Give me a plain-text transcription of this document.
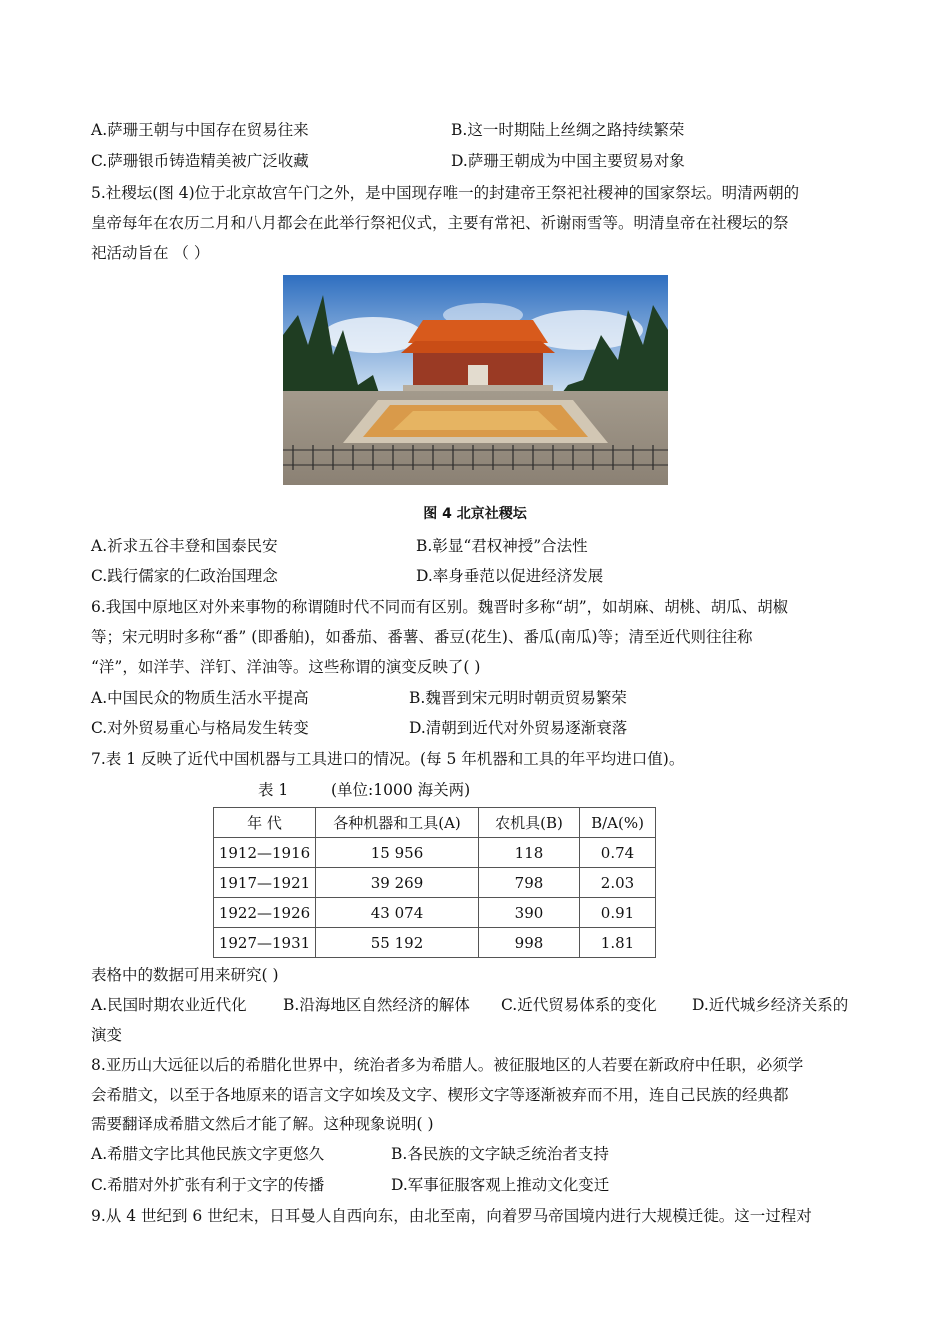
A.萨珊王朝与中国存在贸易往来	B.这一时期陆上丝绸之路持续繁荣
C.萨珊银币铸造精美被广泛收藏	D.萨珊王朝成为中国主要贸易对象
5.社稷坛(图 4)位于北京故宫午门之外，是中国现存唯一的封建帝王祭祀社稷神的国家祭坛。明清两朝的
皇帝每年在农历二月和八月都会在此举行祭祀仪式，主要有常祀、祈谢雨雪等。明清皇帝在社稷坛的祭
祀活动旨在 （ ）
图 4 北京社稷坛
A.祈求五谷丰登和国泰民安	B.彰显“君权神授”合法性
C.践行儒家的仁政治国理念	D.率身垂范以促进经济发展
6.我国中原地区对外来事物的称谓随时代不同而有区别。魏晋时多称“胡”，如胡麻、胡桃、胡瓜、胡椒
等；宋元明时多称“番” (即番舶)，如番茄、番薯、番豆(花生)、番瓜(南瓜)等；清至近代则往往称
“洋”，如洋芋、洋钉、洋油等。这些称谓的演变反映了( )
A.中国民众的物质生活水平提高	B.魏晋到宋元明时朝贡贸易繁荣
C.对外贸易重心与格局发生转变	D.清朝到近代对外贸易逐渐衰落
7.表 1 反映了近代中国机器与工具进口的情况。(每 5 年机器和工具的年平均进口值)。
表 1	(单位:1000 海关两)
年 代	各种机器和工具(A)	农机具(B)	B/A(%)
1912—1916	15 956	118	0.74
1917—1921	39 269	798	2.03
1922—1926	43 074	390	0.91
1927—1931	55 192	998	1.81
表格中的数据可用来研究( )
A.民国时期农业近代化 B.沿海地区自然经济的解体 C.近代贸易体系的变化 D.近代城乡经济关系的
演变
8.亚历山大远征以后的希腊化世界中，统治者多为希腊人。被征服地区的人若要在新政府中任职，必须学
会希腊文，以至于各地原来的语言文字如埃及文字、楔形文字等逐渐被弃而不用，连自己民族的经典都
需要翻译成希腊文然后才能了解。这种现象说明( )
A.希腊文字比其他民族文字更悠久	B.各民族的文字缺乏统治者支持
C.希腊对外扩张有利于文字的传播	D.军事征服客观上推动文化变迁
9.从 4 世纪到 6 世纪末，日耳曼人自西向东，由北至南，向着罗马帝国境内进行大规模迁徙。这一过程对
